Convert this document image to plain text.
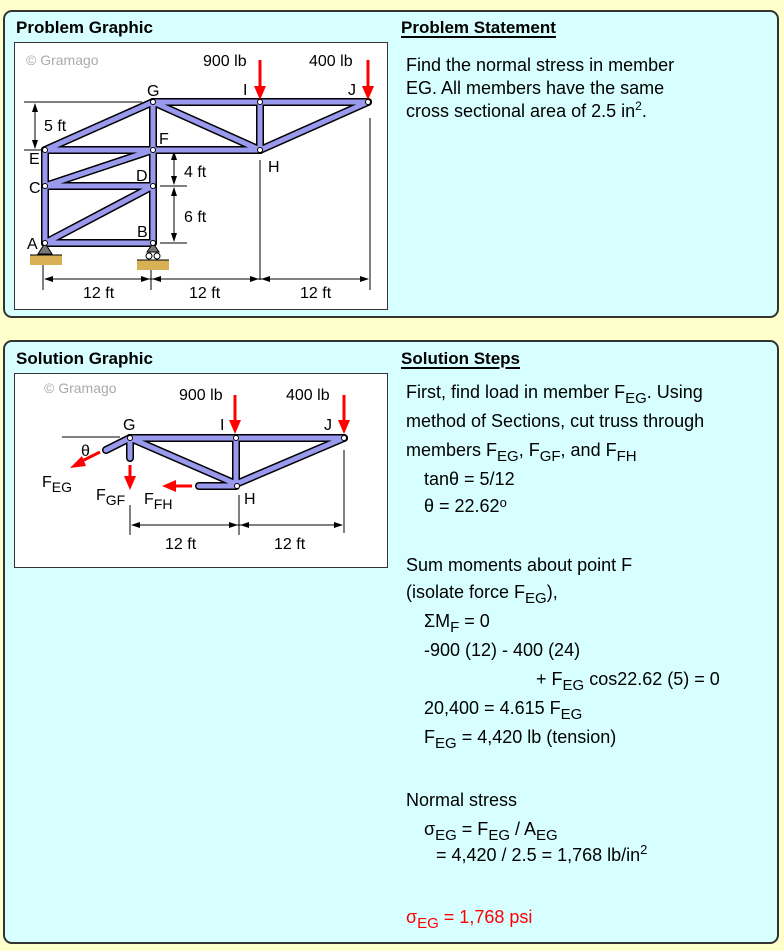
Problem Graphic	Problem Statement
© Gramago	900 lb	400 lb
A
B
C
D
E
F
G
H
I	J
5 ft
4 ft
6 ft
12 ft	12 ft	12 ft
Find the normal stress in member
EG. All members have the same
cross sectional area of 2.5 $in^2$.
Solution Graphic	Solution Steps
© Gramago	900 lb	400 lb
G	I	J
H
θ
FEG FGF FFH
12 ft	12 ft
First, find load in member $F_{EG}$. Using
method of Sections, cut truss through
members $F_{EG}$, $F_{GF}$, and $F_{FH}$
tanθ = 5/12
$\theta = 22.62^o$
Sum moments about point F
(isolate force $F_{EG}$),
$\Sigma M_F = 0$
-900 (12) - 400 (24)
+ $F_{EG}$ cos22.62 (5) = 0
20,400 = 4.615 $F_{EG}$
$F_{EG} = 4,420$ lb (tension)
Normal stress
$\sigma_{EG} = F_{EG} / A_{EG}$
= 4,420 / 2.5 = 1,768 $lb/in^2$
$\sigma_{EG} = 1,768$ psi
